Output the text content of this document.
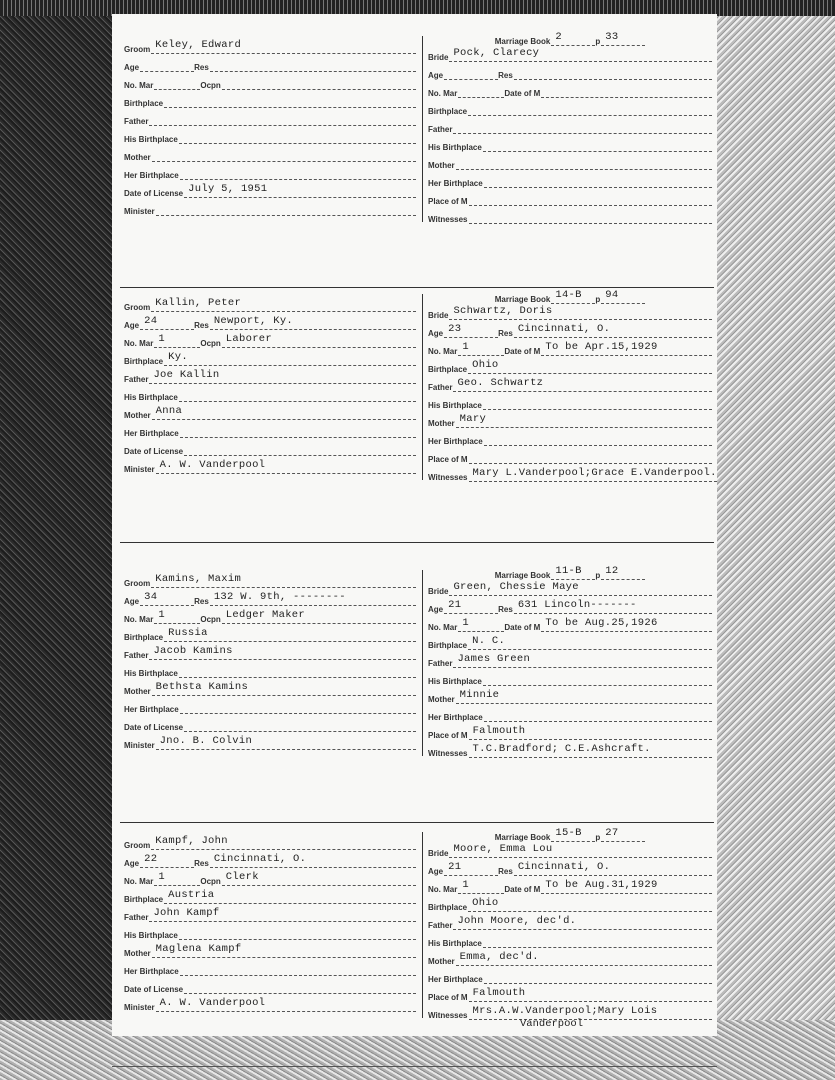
Groom Keley, Edward
Age	Res
No. Mar	Ocpn
Birthplace
Father
His Birthplace
Mother
Her Birthplace
Date of License July 5, 1951
Minister
Marriage Book 2	p 33
Bride Pock, Clarecy
Age	Res
No. Mar	Date of M
Birthplace
Father
His Birthplace
Mother
Her Birthplace
Place of M
Witnesses
Groom Kallin, Peter
Age 24	Res Newport, Ky.
No. Mar 1	Ocpn Laborer
Birthplace Ky.
Father Joe Kallin
His Birthplace
Mother Anna
Her Birthplace
Date of License
Minister A. W. Vanderpool
Marriage Book 14-B	p 94
Bride Schwartz, Doris
Age 23	Res Cincinnati, O.
No. Mar 1	Date of M To be Apr.15,1929
Birthplace Ohio
Father Geo. Schwartz
His Birthplace
Mother Mary
Her Birthplace
Place of M
Witnesses Mary L.Vanderpool;Grace E.Vanderpool.
Groom Kamins, Maxim
Age 34	Res 132 W. 9th, --------
No. Mar 1	Ocpn Ledger Maker
Birthplace Russia
Father Jacob Kamins
His Birthplace
Mother Bethsta Kamins
Her Birthplace
Date of License
Minister Jno. B. Colvin
Marriage Book 11-B	p 12
Bride Green, Chessie Maye
Age 21	Res 631 Lincoln-------
No. Mar 1	Date of M To be Aug.25,1926
Birthplace N. C.
Father James Green
His Birthplace
Mother Minnie
Her Birthplace
Place of M Falmouth
Witnesses T.C.Bradford; C.E.Ashcraft.
Groom Kampf, John
Age 22	Res Cincinnati, O.
No. Mar 1	Ocpn Clerk
Birthplace Austria
Father John Kampf
His Birthplace
Mother Maglena Kampf
Her Birthplace
Date of License
Minister A. W. Vanderpool
Marriage Book 15-B	p 27
Bride Moore, Emma Lou
Age 21	Res Cincinnati, O.
No. Mar 1	Date of M To be Aug.31,1929
Birthplace Ohio
Father John Moore, dec'd.
His Birthplace
Mother Emma, dec'd.
Her Birthplace
Place of M Falmouth
Witnesses Mrs.A.W.Vanderpool;Mary Lois
Vanderpool
